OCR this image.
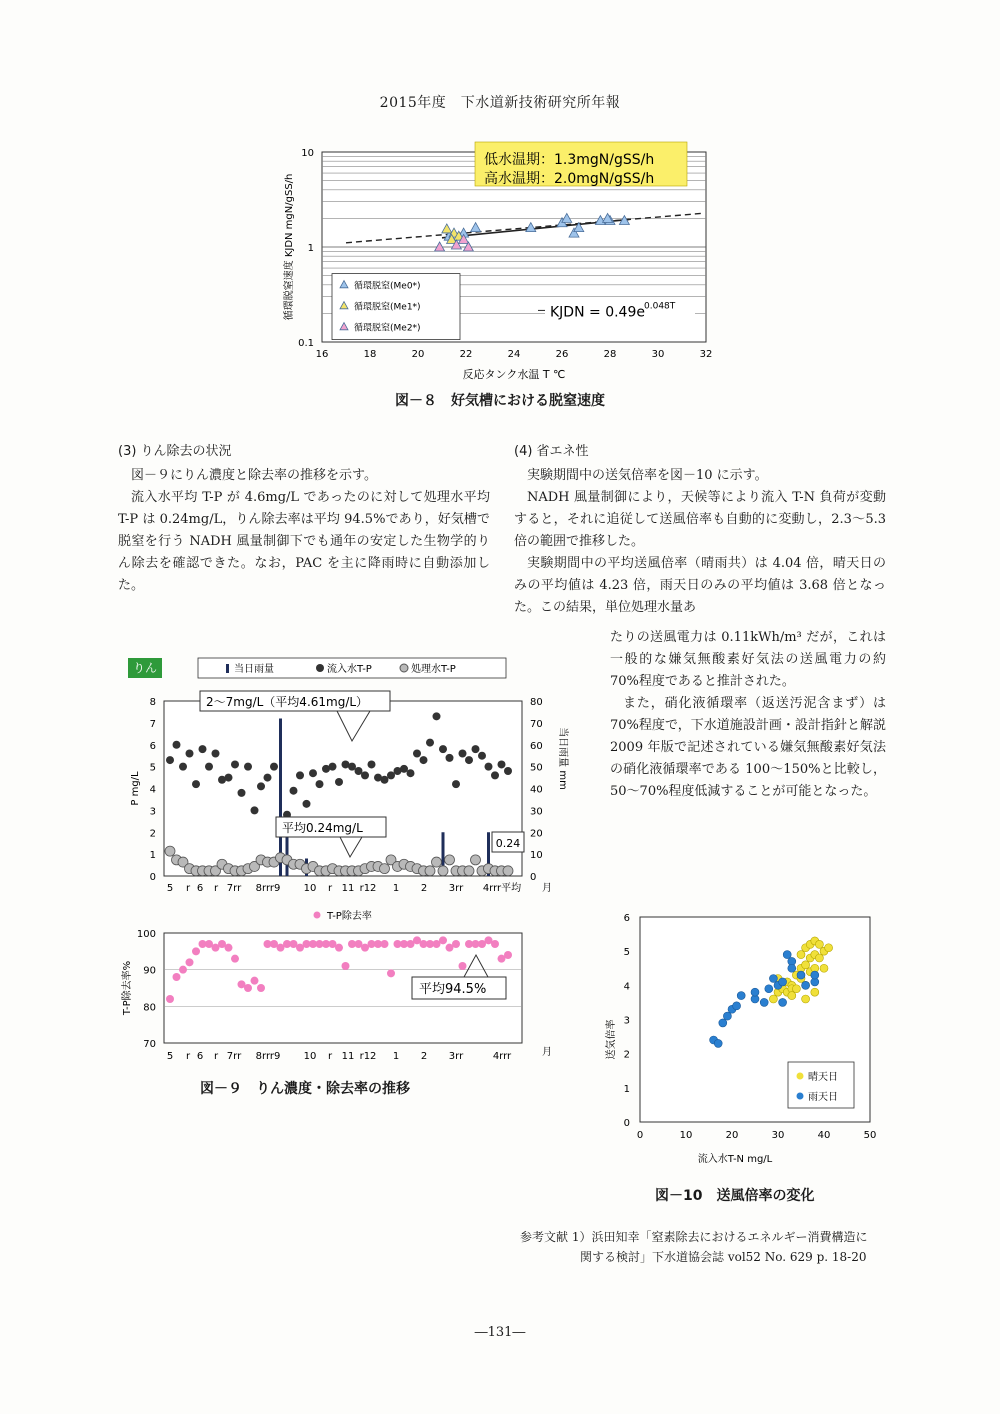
2015年度　下水道新技術研究所年報
10
1
0.1
16	18	20	22	24	26	28	30	32
反応タンク水温 T ℃
循環脱窒速度 KJDN mgN/gSS/h
低水温期：1.3mgN/gSS/h
高水温期：2.0mgN/gSS/h
循環脱窒(Me0*)
循環脱窒(Me1*)
循環脱窒(Me2*)
KJDN = 0.49e 0.048T
図－８　好気槽における脱窒速度
(3) りん除去の状況

図－９にりん濃度と除去率の推移を示す。

流入水平均 T-P が 4.6mg/L であったのに対して処理水平均 T-P は 0.24mg/L，りん除去率は平均 94.5%であり，好気槽で脱窒を行う NADH 風量制御下でも通年の安定した生物学的りん除去を確認できた。なお，PAC を主に降雨時に自動添加した。

(4) 省エネ性

実験期間中の送気倍率を図－10 に示す。

NADH 風量制御により，天候等により流入 T-N 負荷が変動すると，それに追従して送風倍率も自動的に変動し，2.3～5.3 倍の範囲で推移した。

実験期間中の平均送風倍率（晴雨共）は 4.04 倍，晴天日のみの平均値は 4.23 倍，雨天日のみの平均値は 3.68 倍となった。この結果，単位処理水量あ

たりの送風電力は 0.11kWh/m³ だが，これは一般的な嫌気無酸素好気法の送風電力の約 70%程度であると推計された。

また，硝化液循環率（返送汚泥含まず）は 70%程度で，下水道施設計画・設計指針と解説 2009 年版で記述されている嫌気無酸素好気法の硝化液循環率である 100～150%と比較し，50～70%程度低減することが可能となった。

りん	当日雨量	流入水T-P	処理水T-P
0
1
2
3
4
5
6
7
8
0
10
20
30
40
50
60
70
80
P mg/L	当日雨量 mm
2～7mg/L（平均4.61mg/L）
平均0.24mg/L
0.24
5 r 6 r 7rr 8rrr9 10 r 11 r12 1 2 3rr 4rrr平均 月
T-P除去率
70
80
90
100
T-P除去率%	平均94.5%
5 r 6 r 7rr 8rrr9 10 r 11 r12 1 2 3rr	4rrr	月
図－９　りん濃度・除去率の推移
0
1
2
3
4
5
6
0	10	20	30	40	50
流入水T-N mg/L
送気倍率
晴天日
雨天日
図－10　送風倍率の変化
参考文献 1）浜田知幸「窒素除去におけるエネルギー消費構造に
関する検討」下水道協会誌 vol52 No. 629 p. 18-20
―131―
